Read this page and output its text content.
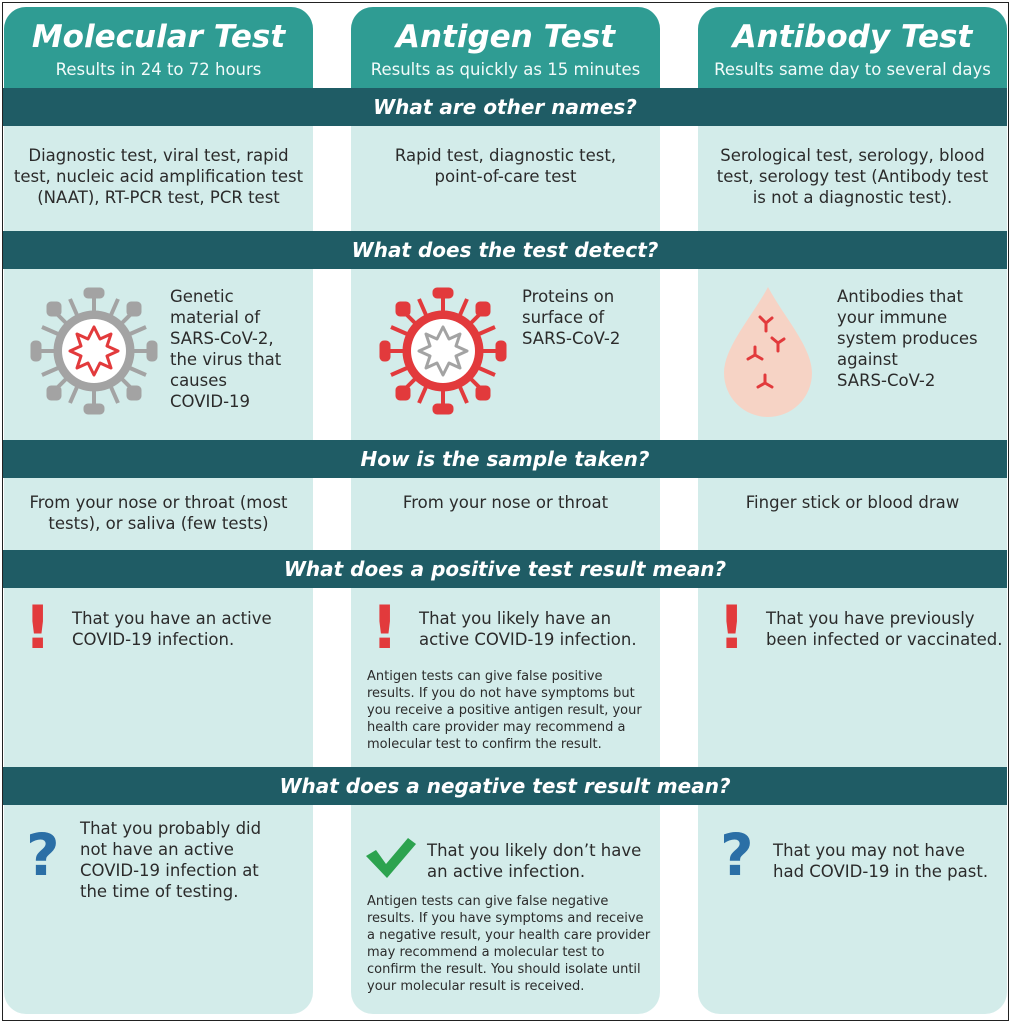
Molecular Test
Results in 24 to 72 hours
Antigen Test
Results as quickly as 15 minutes
Antibody Test
Results same day to several days
What are other names?
What does the test detect?
How is the sample taken?
What does a positive test result mean?
What does a negative test result mean?
Diagnostic test, viral test, rapid
test, nucleic acid amplification test
(NAAT), RT-PCR test, PCR test
Rapid test, diagnostic test,
point-of-care test
Serological test, serology, blood
test, serology test (Antibody test
is not a diagnostic test).
Genetic
material of
SARS-CoV-2,
the virus that
causes
COVID-19
Proteins on
surface of
SARS-CoV-2
Antibodies that
your immune
system produces
against
SARS-CoV-2
From your nose or throat (most
tests), or saliva (few tests)
From your nose or throat	Finger stick or blood draw
! That you have an active
COVID-19 infection.	! That you likely have an
active COVID-19 infection.
Antigen tests can give false positive
results. If you do not have symptoms but
you receive a positive antigen result, your
health care provider may recommend a
molecular test to confirm the result.
! That you have previously
been infected or vaccinated.
? That you probably did
not have an active
COVID-19 infection at
the time of testing.
That you likely don’t have
an active infection.
Antigen tests can give false negative
results. If you have symptoms and receive
a negative result, your health care provider
may recommend a molecular test to
confirm the result. You should isolate until
your molecular result is received.
? That you may not have
had COVID-19 in the past.
